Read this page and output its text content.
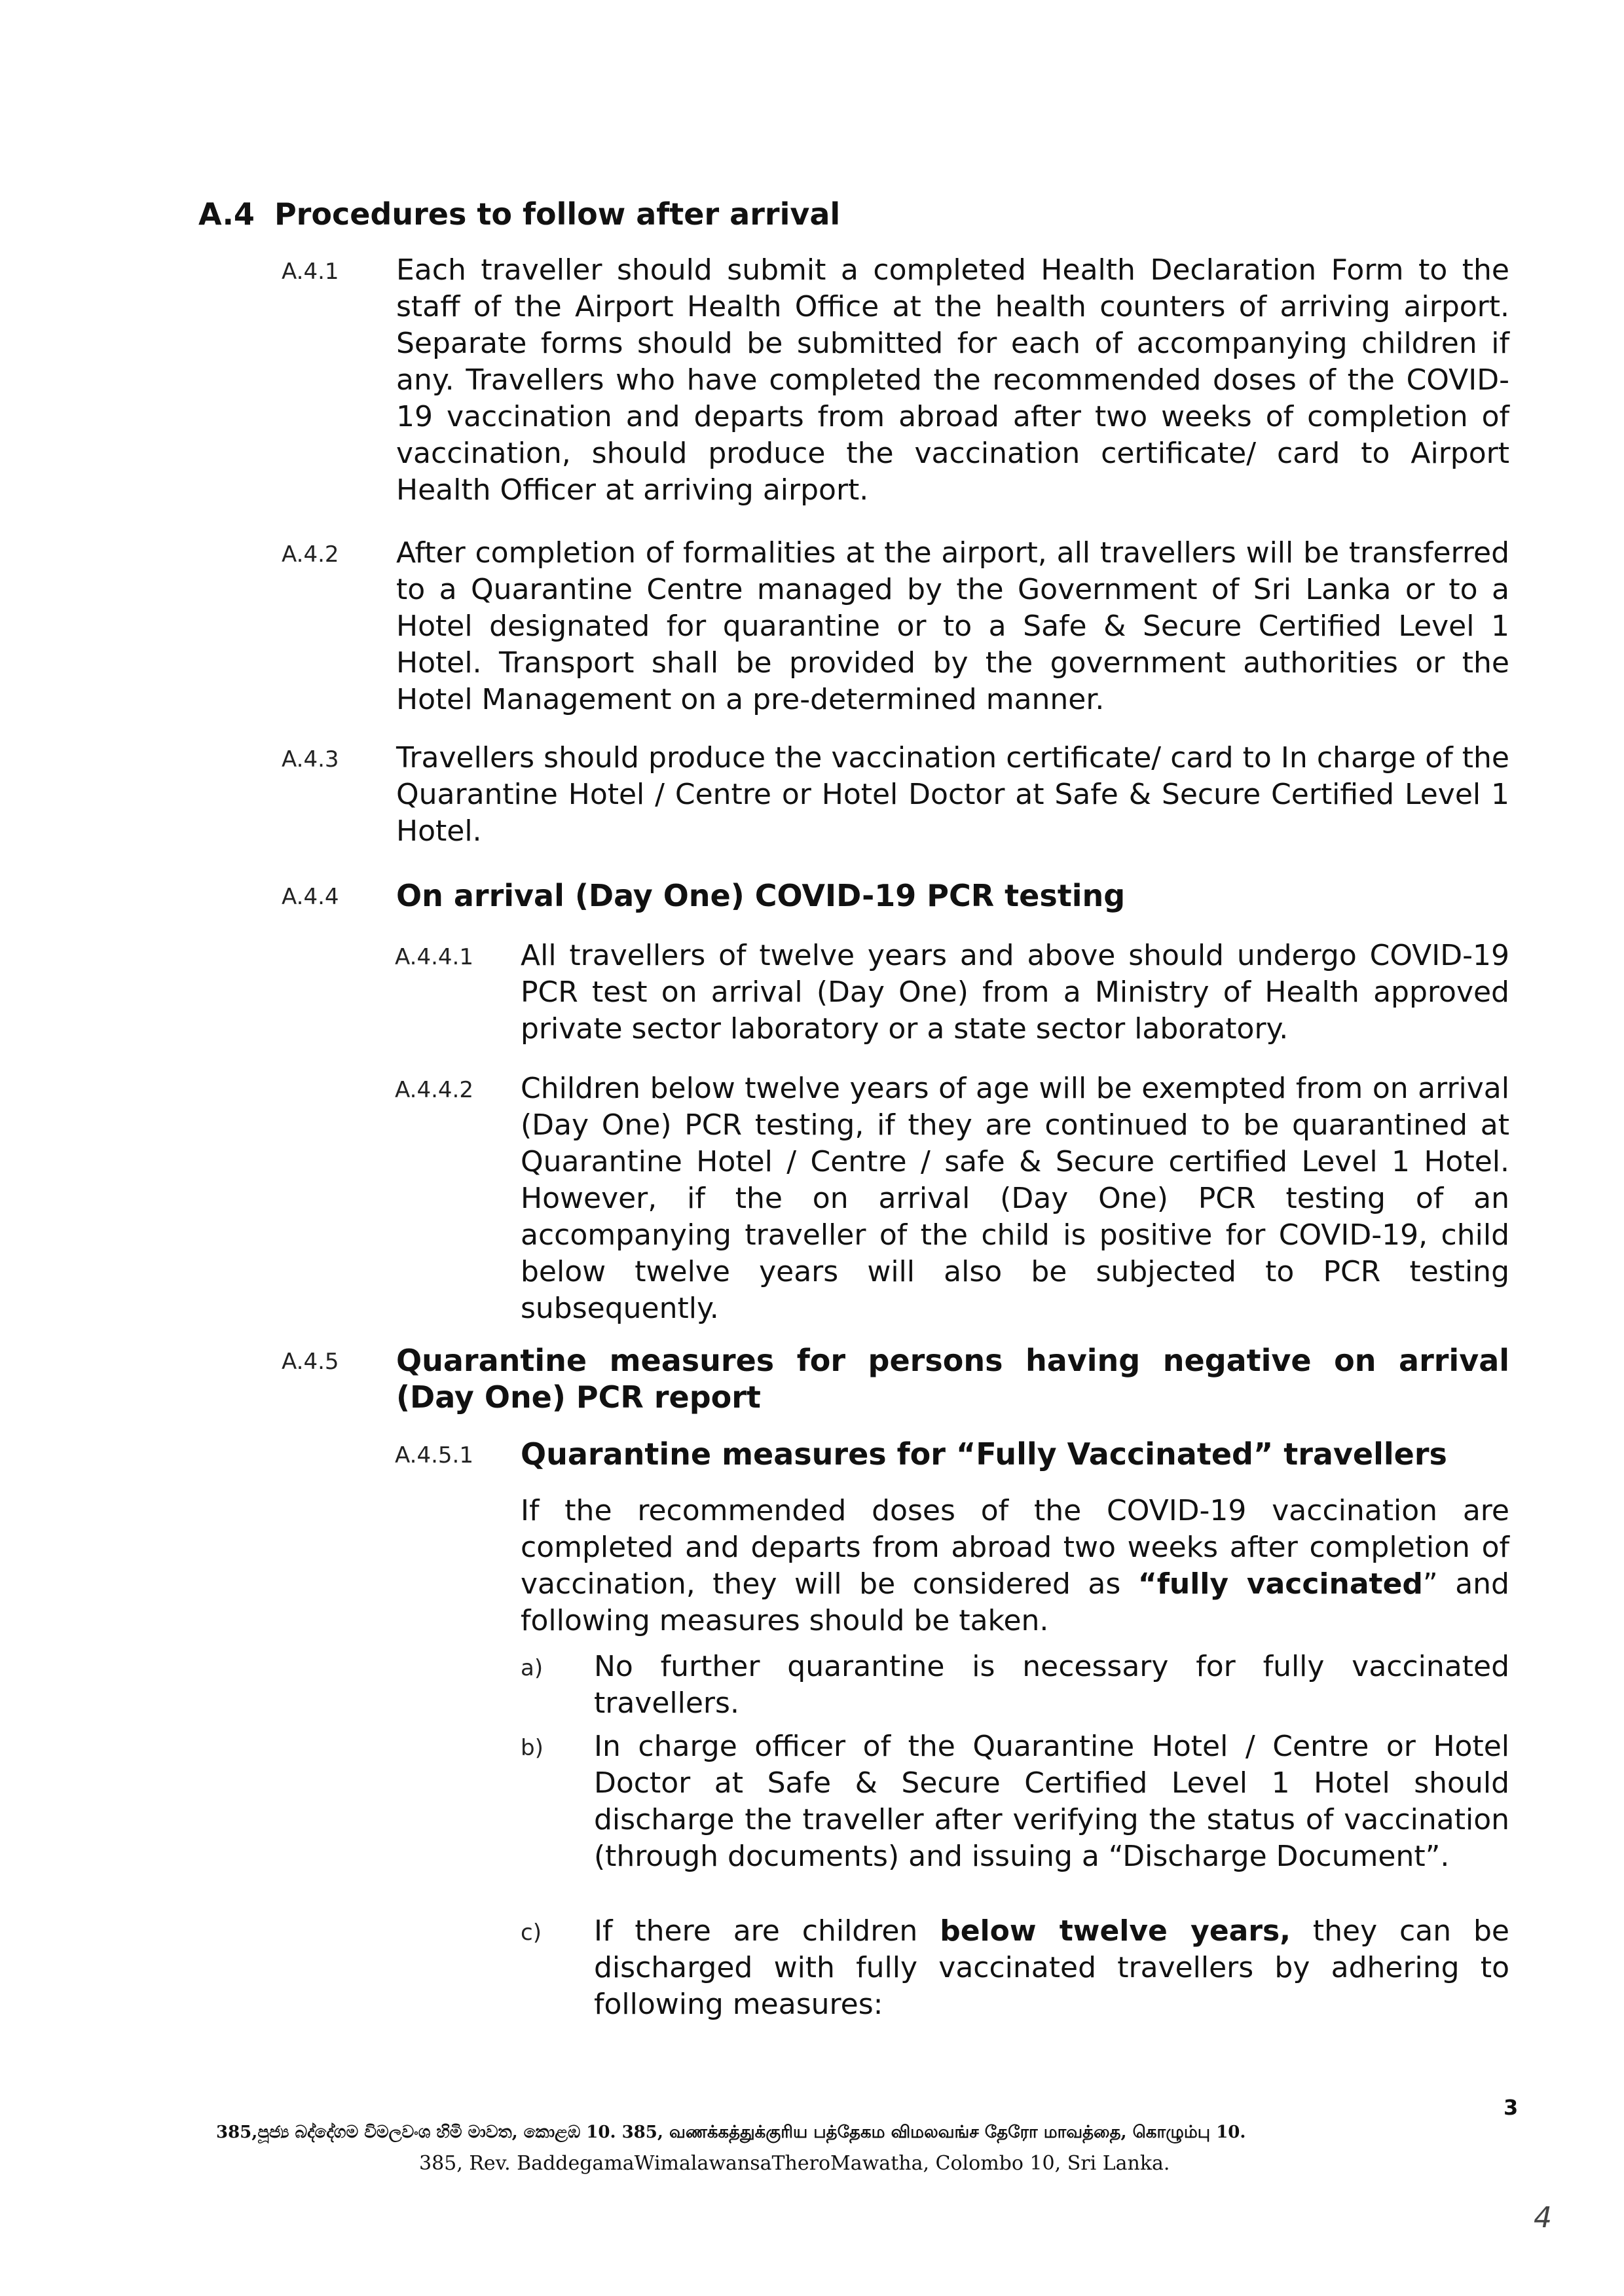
A.4 Procedures to follow after arrival
A.4.1	Each traveller should submit a completed Health Declaration Form to the staff of the Airport Health Office at the health counters of arriving airport. Separate forms should be submitted for each of accompanying children if any. Travellers who have completed the recommended doses of the COVID-19 vaccination and departs from abroad after two weeks of completion of vaccination, should produce the vaccination certificate/ card to Airport Health Officer at arriving airport.
A.4.2	After completion of formalities at the airport, all travellers will be transferred to a Quarantine Centre managed by the Government of Sri Lanka or to a Hotel designated for quarantine or to a Safe & Secure Certified Level 1 Hotel. Transport shall be provided by the government authorities or the Hotel Management on a pre-determined manner.
A.4.3	Travellers should produce the vaccination certificate/ card to In charge of the Quarantine Hotel / Centre or Hotel Doctor at Safe & Secure Certified Level 1 Hotel.
A.4.4	On arrival (Day One) COVID-19 PCR testing
A.4.4.1	All travellers of twelve years and above should undergo COVID-19 PCR test on arrival (Day One) from a Ministry of Health approved private sector laboratory or a state sector laboratory.
A.4.4.2	Children below twelve years of age will be exempted from on arrival (Day One) PCR testing, if they are continued to be quarantined at Quarantine Hotel / Centre / safe & Secure certified Level 1 Hotel. However, if the on arrival (Day One) PCR testing of an accompanying traveller of the child is positive for COVID-19, child below twelve years will also be subjected to PCR testing subsequently.
A.4.5	Quarantine measures for persons having negative on arrival (Day One) PCR report
A.4.5.1	Quarantine measures for “Fully Vaccinated” travellers
If the recommended doses of the COVID-19 vaccination are completed and departs from abroad two weeks after completion of vaccination, they will be considered as “fully vaccinated” and following measures should be taken.
a)	No further quarantine is necessary for fully vaccinated travellers.
b)	In charge officer of the Quarantine Hotel / Centre or Hotel Doctor at Safe & Secure Certified Level 1 Hotel should discharge the traveller after verifying the status of vaccination (through documents) and issuing a “Discharge Document”.
c)	If there are children below twelve years, they can be discharged with fully vaccinated travellers by adhering to following measures:
385,පූජ්‍ය බද්දේගම විමලවංශ හිමි මාවත, කොළඹ 10. 385, வணக்கத்துக்குரிய பத்தேகம விமலவங்ச தேரோ மாவத்தை, கொழும்பு 10.
385, Rev. BaddegamaWimalawansaTheroMawatha, Colombo 10, Sri Lanka.
3
4
